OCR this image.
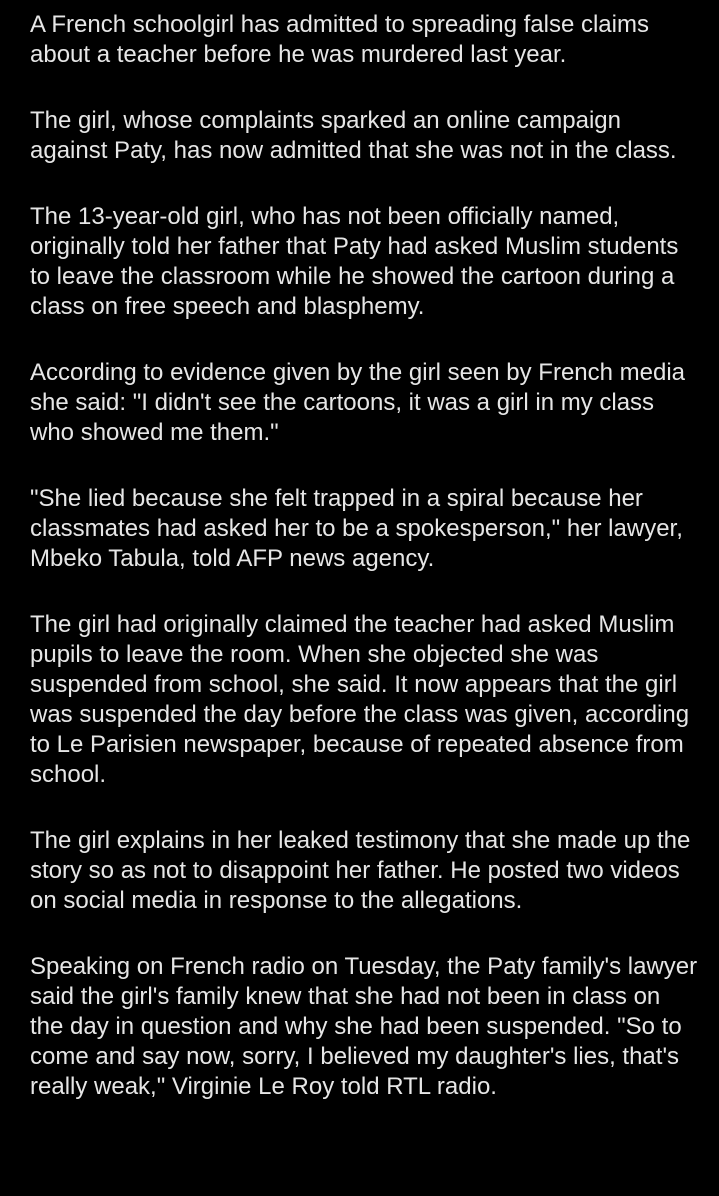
A French schoolgirl has admitted to spreading false claims about a teacher before he was murdered last year.

The girl, whose complaints sparked an online campaign against Paty, has now admitted that she was not in the class.

The 13-year-old girl, who has not been officially named, originally told her father that Paty had asked Muslim students to leave the classroom while he showed the cartoon during a class on free speech and blasphemy.

According to evidence given by the girl seen by French media she said: "I didn't see the cartoons, it was a girl in my class who showed me them."

"She lied because she felt trapped in a spiral because her classmates had asked her to be a spokesperson," her lawyer, Mbeko Tabula, told AFP news agency.

The girl had originally claimed the teacher had asked Muslim pupils to leave the room. When she objected she was suspended from school, she said. It now appears that the girl was suspended the day before the class was given, according to Le Parisien newspaper, because of repeated absence from school.

The girl explains in her leaked testimony that she made up the story so as not to disappoint her father. He posted two videos on social media in response to the allegations.

Speaking on French radio on Tuesday, the Paty family's lawyer said the girl's family knew that she had not been in class on the day in question and why she had been suspended. "So to come and say now, sorry, I believed my daughter's lies, that's really weak," Virginie Le Roy told RTL radio.
